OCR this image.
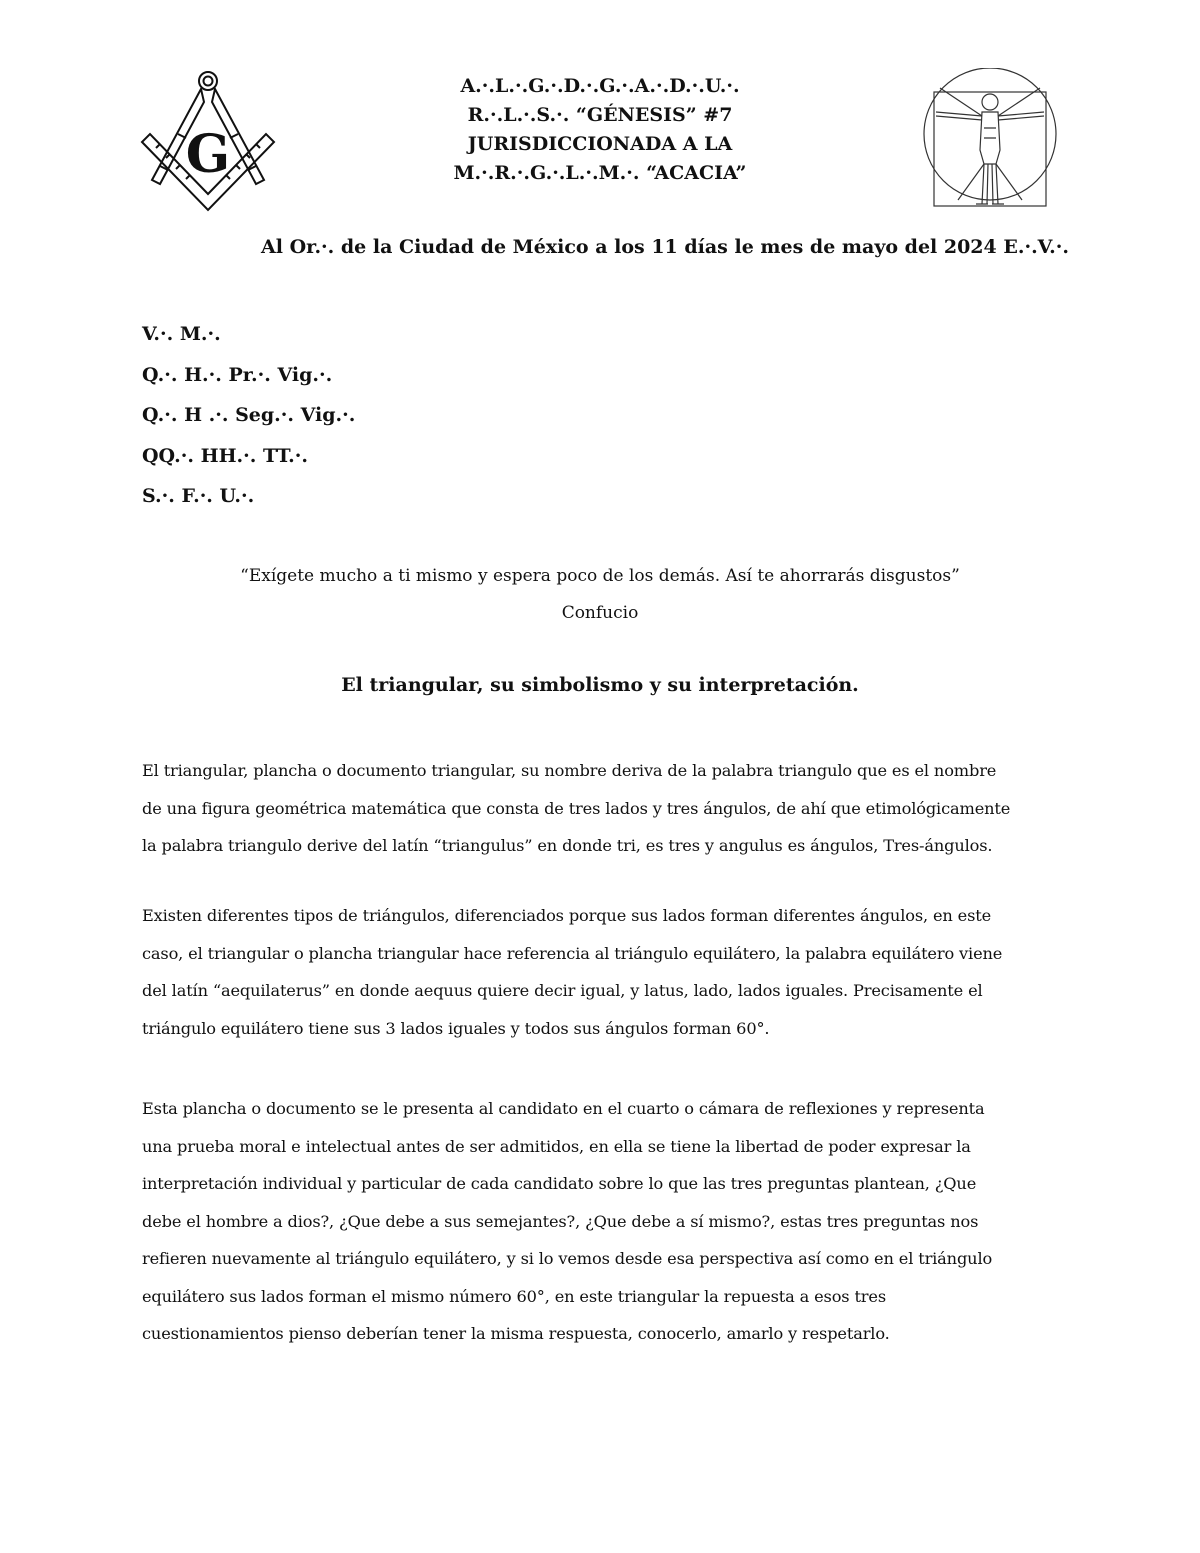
G
A.·.L.·.G.·.D.·.G.·.A.·.D.·.U.·.
R.·.L.·.S.·. “GÉNESIS” #7
JURISDICCIONADA A LA
M.·.R.·.G.·.L.·.M.·. “ACACIA”
Al Or.·. de la Ciudad de México a los 11 días le mes de mayo del 2024 E.·.V.·.
V.·. M.·.
Q.·. H.·. Pr.·. Vig.·.
Q.·. H .·. Seg.·. Vig.·.
QQ.·. HH.·. TT.·.
S.·. F.·. U.·.
“Exígete mucho a ti mismo y espera poco de los demás. Así te ahorrarás disgustos”
Confucio
El triangular, su simbolismo y su interpretación.
El triangular, plancha o documento triangular, su nombre deriva de la palabra triangulo que es el nombre
de una figura geométrica matemática que consta de tres lados y tres ángulos, de ahí que etimológicamente
la palabra triangulo derive del latín “triangulus” en donde tri, es tres y angulus es ángulos, Tres-ángulos.
Existen diferentes tipos de triángulos, diferenciados porque sus lados forman diferentes ángulos, en este
caso, el triangular o plancha triangular hace referencia al triángulo equilátero, la palabra equilátero viene
del latín “aequilaterus” en donde aequus quiere decir igual, y latus, lado, lados iguales. Precisamente el
triángulo equilátero tiene sus 3 lados iguales y todos sus ángulos forman 60°.
Esta plancha o documento se le presenta al candidato en el cuarto o cámara de reflexiones y representa
una prueba moral e intelectual antes de ser admitidos, en ella se tiene la libertad de poder expresar la
interpretación individual y particular de cada candidato sobre lo que las tres preguntas plantean, ¿Que
debe el hombre a dios?, ¿Que debe a sus semejantes?, ¿Que debe a sí mismo?, estas tres preguntas nos
refieren nuevamente al triángulo equilátero, y si lo vemos desde esa perspectiva así como en el triángulo
equilátero sus lados forman el mismo número 60°, en este triangular la repuesta a esos tres
cuestionamientos pienso deberían tener la misma respuesta, conocerlo, amarlo y respetarlo.
